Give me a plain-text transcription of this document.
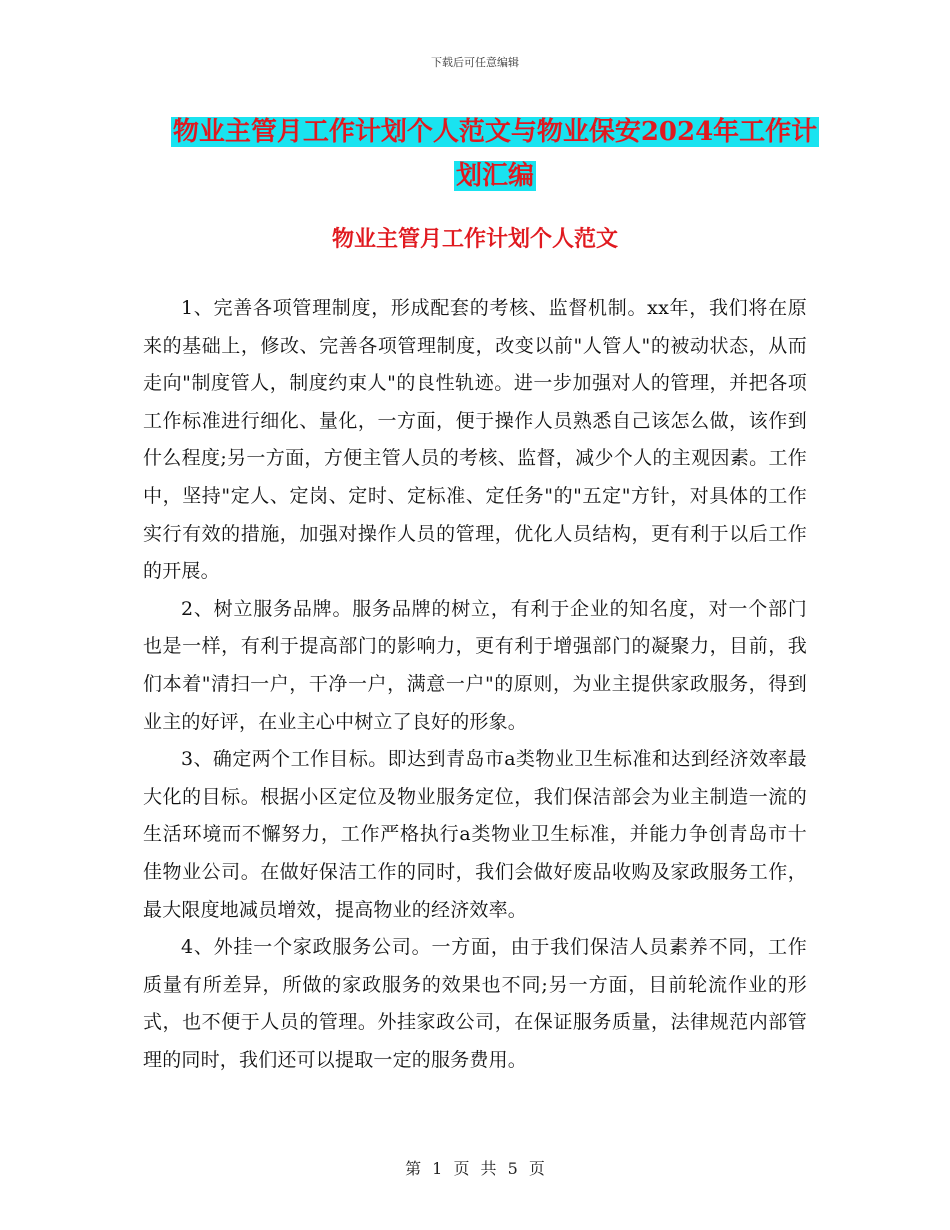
下载后可任意编辑
物业主管月工作计划个人范文与物业保安2024年工作计划汇编
物业主管月工作计划个人范文

1、完善各项管理制度，形成配套的考核、监督机制。xx年，我们将在原来的基础上，修改、完善各项管理制度，改变以前"人管人"的被动状态，从而走向"制度管人，制度约束人"的良性轨迹。进一步加强对人的管理，并把各项工作标准进行细化、量化，一方面，便于操作人员熟悉自己该怎么做，该作到什么程度;另一方面，方便主管人员的考核、监督，减少个人的主观因素。工作中，坚持"定人、定岗、定时、定标准、定任务"的"五定"方针，对具体的工作实行有效的措施，加强对操作人员的管理，优化人员结构，更有利于以后工作的开展。

2、树立服务品牌。服务品牌的树立，有利于企业的知名度，对一个部门也是一样，有利于提高部门的影响力，更有利于增强部门的凝聚力，目前，我们本着"清扫一户，干净一户，满意一户"的原则，为业主提供家政服务，得到业主的好评，在业主心中树立了良好的形象。

3、确定两个工作目标。即达到青岛市a类物业卫生标准和达到经济效率最大化的目标。根据小区定位及物业服务定位，我们保洁部会为业主制造一流的生活环境而不懈努力，工作严格执行a类物业卫生标准，并能力争创青岛市十佳物业公司。在做好保洁工作的同时，我们会做好废品收购及家政服务工作，最大限度地减员增效，提高物业的经济效率。

4、外挂一个家政服务公司。一方面，由于我们保洁人员素养不同，工作质量有所差异，所做的家政服务的效果也不同;另一方面，目前轮流作业的形式，也不便于人员的管理。外挂家政公司，在保证服务质量，法律规范内部管理的同时，我们还可以提取一定的服务费用。

第 1 页 共 5 页
